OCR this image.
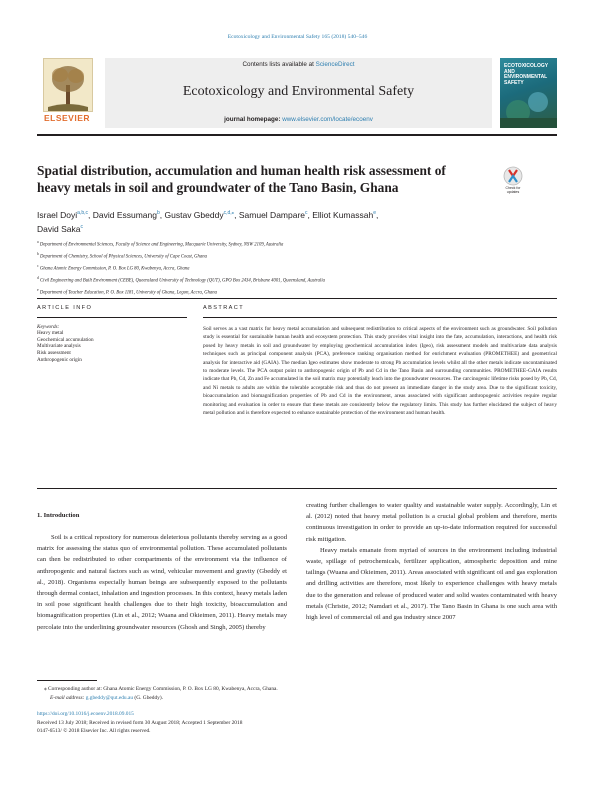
Ecotoxicology and Environmental Safety 165 (2018) 540–546
ELSEVIER
Contents lists available at ScienceDirect
Ecotoxicology and Environmental Safety
journal homepage: www.elsevier.com/locate/ecoenv
ECOTOXICOLOGY AND ENVIRONMENTAL SAFETY
Spatial distribution, accumulation and human health risk assessment of heavy metals in soil and groundwater of the Tano Basin, Ghana	Check for updates
Israel Doyi$^{a,b,c}$, David Essumang$^b$, Gustav Gbeddy$^{c,d,⁎}$, Samuel Dampare$^c$, Elliot Kumassah$^e$,
David Saka$^c$
$^a$ Department of Environmental Sciences, Faculty of Science and Engineering, Macquarie University, Sydney, NSW 2109, Australia
$^b$ Department of Chemistry, School of Physical Sciences, University of Cape Coast, Ghana
$^c$ Ghana Atomic Energy Commission, P. O. Box LG 80, Kwabenya, Accra, Ghana
$^d$ Civil Engineering and Built Environment (CEBE), Queensland University of Technology (QUT), GPO Box 2434, Brisbane 4001, Queensland, Australia
$^e$ Department of Teacher Education, P. O. Box 1181, University of Ghana, Legon, Accra, Ghana
ARTICLE INFO	ABSTRACT
Keywords:
Heavy metal
Geochemical accumulation
Multivariate analysis
Risk assessment
Anthropogenic origin
Soil serves as a vast matrix for heavy metal accumulation and subsequent redistribution to critical aspects of the environment such as groundwater. Soil pollution study is essential for sustainable human health and ecosystem protection. This study provides vital insight into the fate, accumulation, interactions, and health risk posed by heavy metals in soil and groundwater by employing geochemical accumulation index (Igeo), risk assessment models and multivariate data analysis techniques such as principal component analysis (PCA), preference ranking organisation method for enrichment evaluation (PROMETHEE) and geometrical analysis for interactive aid (GAIA). The median Igeo estimates show moderate to strong Pb accumulation levels whilst all the other metals indicate uncontaminated to moderate levels. The PCA output point to anthropogenic origin of Pb and Cd in the Tano Basin and surrounding communities. PROMETHEE-GAIA results indicate that Pb, Cd, Zn and Fe accumulated in the soil matrix may potentially leach into the groundwater resources. The carcinogenic lifetime risks posed by Pb, Cd, and Ni metals to adults are within the tolerable acceptable risk and thus do not present an immediate danger in the study area. Due to the significant toxicity, bioaccumulation and biomagnification properties of Pb and Cd in the environment, areas associated with significant anthropogenic activities require regular monitoring and evaluation in order to ensure that these metals are consistently below the regulatory limits. This study has further elucidated the subject of heavy metal pollution and is therefore expected to enhance sustainable protection of the environment and human health.
1. Introduction

Soil is a critical repository for numerous deleterious pollutants thereby serving as a good matrix for assessing the status quo of environmental pollution. These accumulated pollutants can then be redistributed to other compartments of the environment via the influence of anthropogenic and natural factors such as wind, vehicular movement and gravity (Gbeddy et al., 2018). Organisms especially human beings are subsequently exposed to the pollutants through dermal contact, inhalation and ingestion processes. In this context, heavy metals laden in soil pose significant health challenges due to their high toxicity, bioaccumulation and biomagnification properties (Lin et al., 2012; Wuana and Okieimen, 2011). Heavy metals may percolate into the underlining groundwater resources (Ghosh and Singh, 2005) thereby

creating further challenges to water quality and sustainable water supply. Accordingly, Lin et al. (2012) noted that heavy metal pollution is a crucial global problem and therefore, merits continuous investigation in order to provide an up-to-date information required for successful risk mitigation.

Heavy metals emanate from myriad of sources in the environment including industrial waste, spillage of petrochemicals, fertilizer application, atmospheric deposition and mine tailings (Wuana and Okieimen, 2011). Areas associated with significant oil and gas exploration and drilling activities are therefore, most likely to experience challenges with heavy metals due to the generation and release of produced water and solid wastes contaminated with heavy metals (Christie, 2012; Namdari et al., 2017). The Tano Basin in Ghana is one such area with high level of commercial oil and gas industry since 2007

⁎ Corresponding author at: Ghana Atomic Energy Commission, P. O. Box LG 80, Kwabenya, Accra, Ghana.
E-mail address: g.gbeddy@qut.edu.au (G. Gbeddy).
https://doi.org/10.1016/j.ecoenv.2018.09.015
Received 13 July 2018; Received in revised form 30 August 2018; Accepted 1 September 2018
0147-6513/ © 2018 Elsevier Inc. All rights reserved.
